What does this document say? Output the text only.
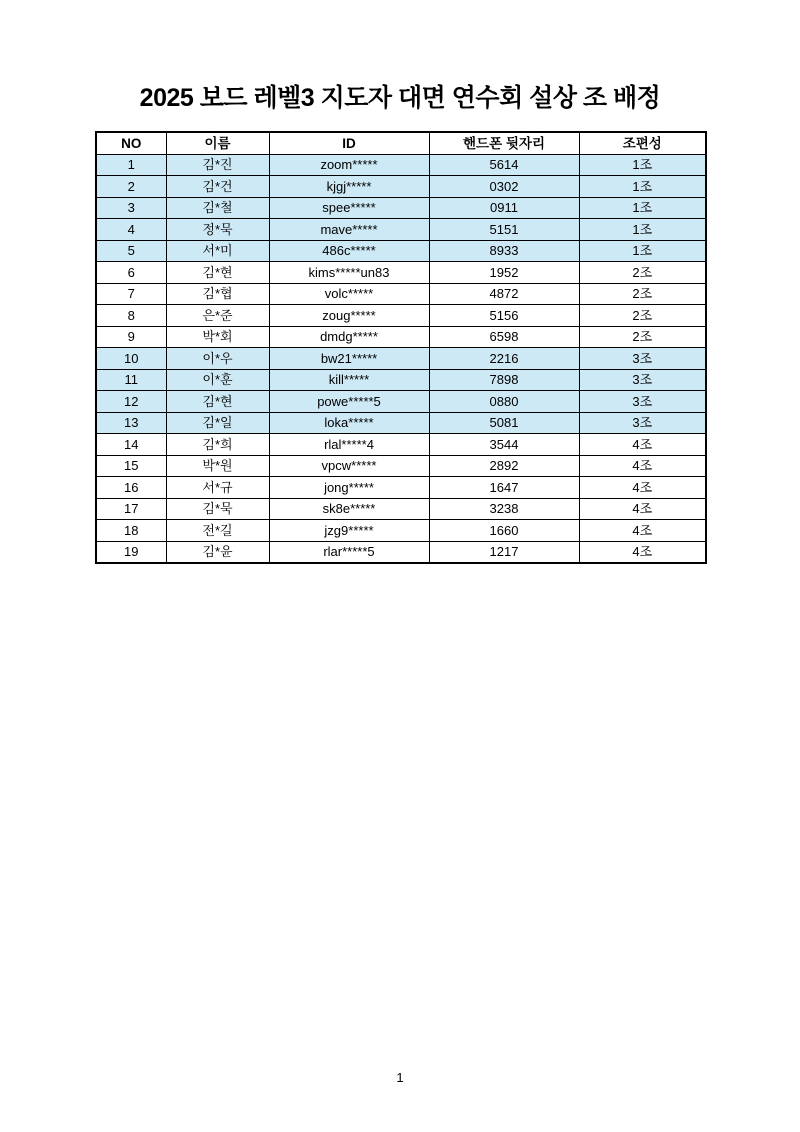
2025 보드 레벨3 지도자 대면 연수회 설상 조 배정
NO	이름	ID	핸드폰 뒷자리	조편성
1	김*진	zoom*****	5614	1조
2	김*건	kjgj*****	0302	1조
3	김*철	spee*****	0911	1조
4	정*묵	mave*****	5151	1조
5	서*미	486c*****	8933	1조
6	김*현	kims*****un83	1952	2조
7	김*협	volc*****	4872	2조
8	은*준	zoug*****	5156	2조
9	박*회	dmdg*****	6598	2조
10	이*우	bw21*****	2216	3조
11	이*훈	kill*****	7898	3조
12	김*현	powe*****5	0880	3조
13	김*일	loka*****	5081	3조
14	김*희	rlal*****4	3544	4조
15	박*원	vpcw*****	2892	4조
16	서*규	jong*****	1647	4조
17	김*묵	sk8e*****	3238	4조
18	전*길	jzg9*****	1660	4조
19	김*윤	rlar*****5	1217	4조
1
